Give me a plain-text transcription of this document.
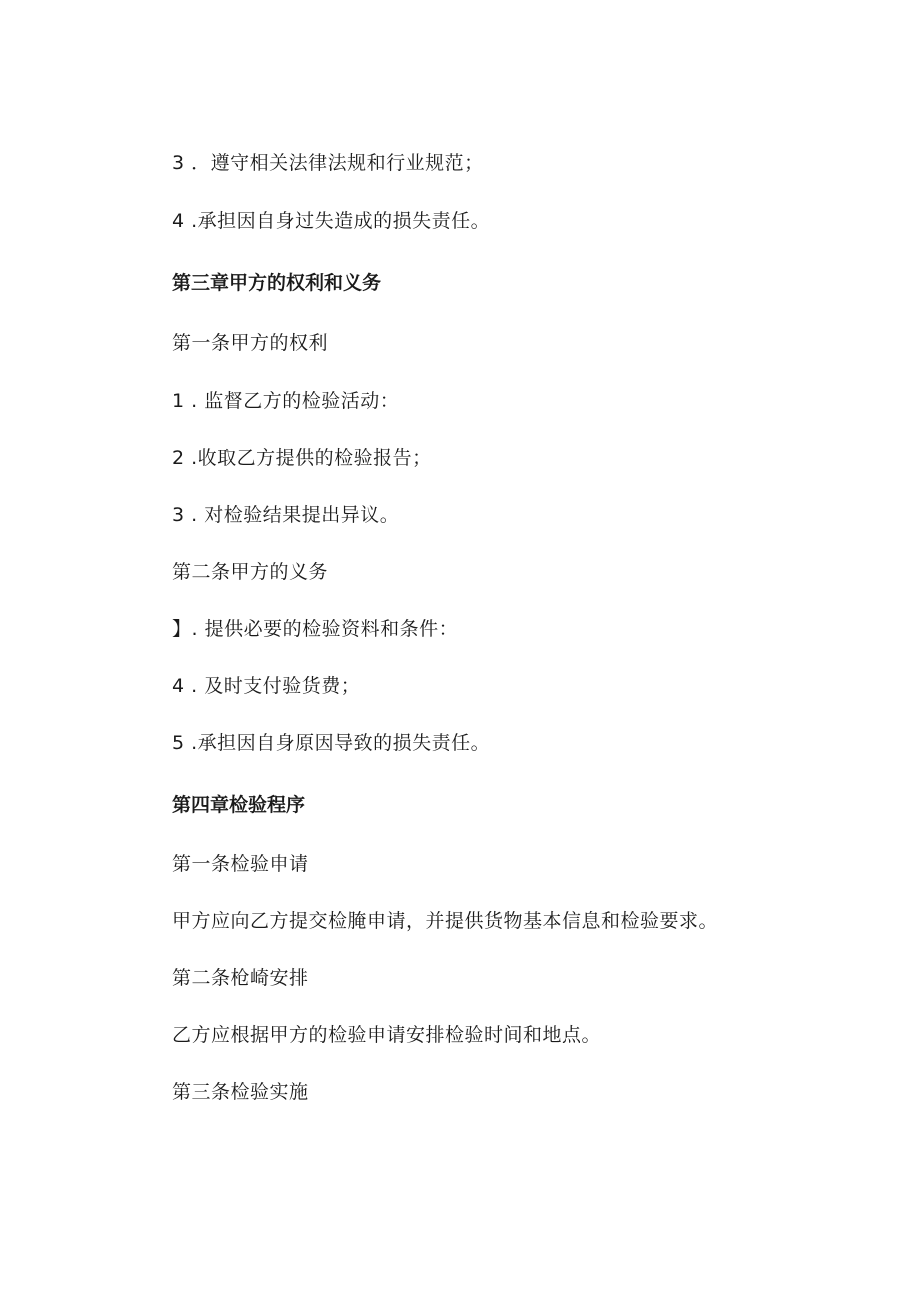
3 ．遵守相关法律法规和行业规范；
4 .承担因自身过失造成的损失责任。
第三章甲方的权利和义务
第一条甲方的权利
1 . 监督乙方的检验活动：
2 .收取乙方提供的检验报告；
3 . 对检验结果提出异议。
第二条甲方的义务
】. 提供必要的检验资料和条件：
4 . 及时支付验货费；
5 .承担因自身原因导致的损失责任。
第四章检验程序
第一条检验申请
甲方应向乙方提交检腌申请，并提供货物基本信息和检验要求。
第二条枪崎安排
乙方应根据甲方的检验申请安排检验时间和地点。
第三条检验实施
